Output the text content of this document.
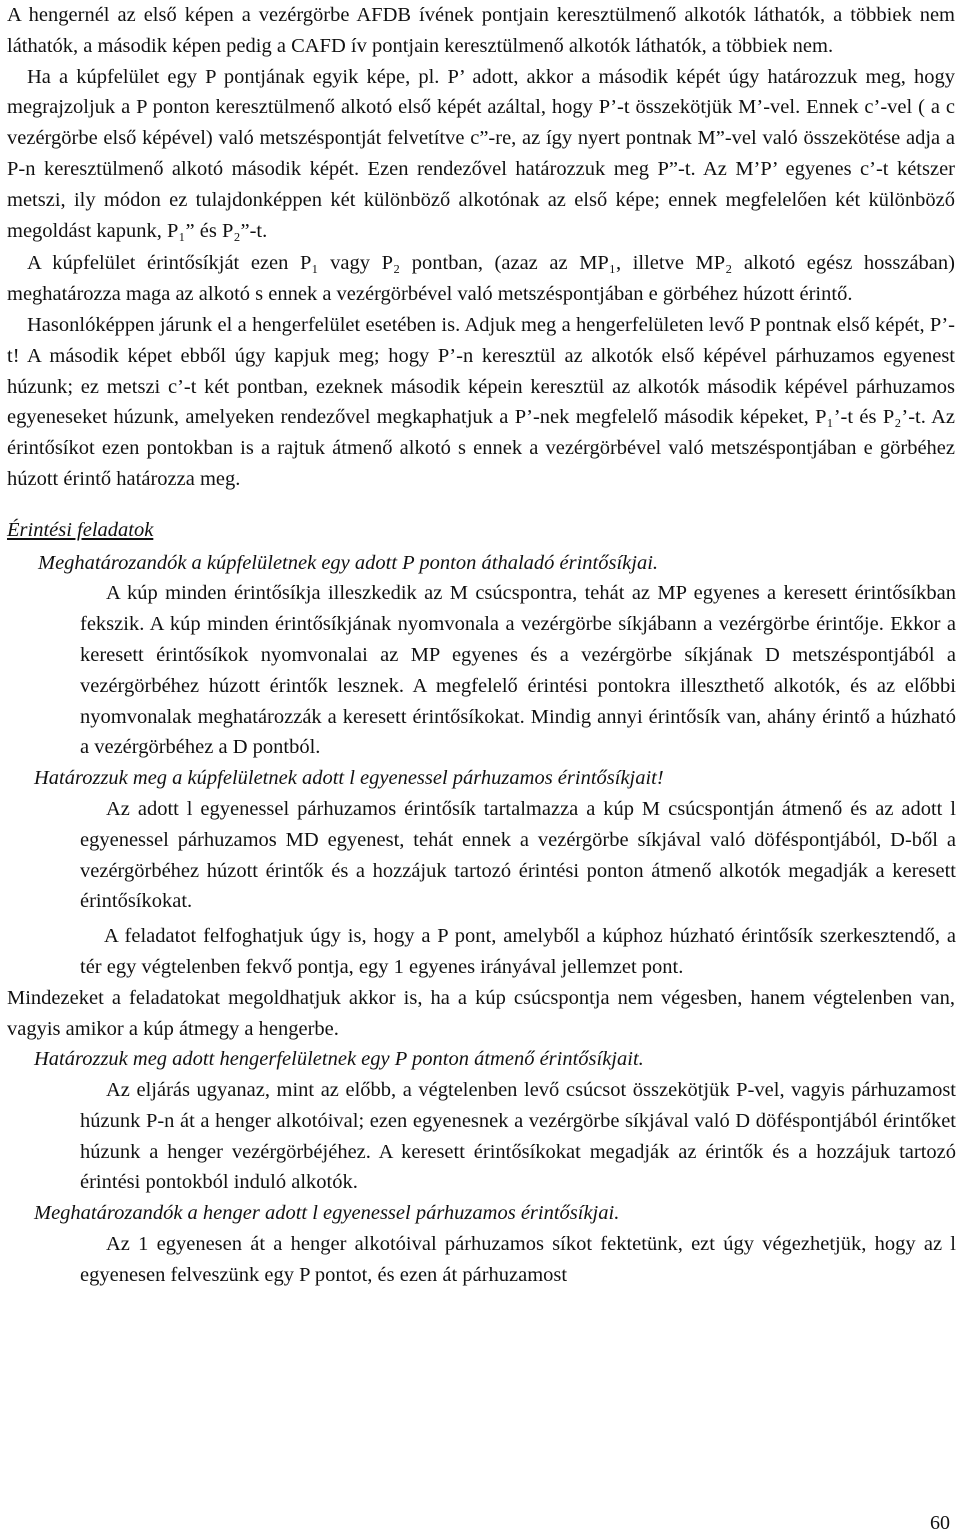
A hengernél az első képen a vezérgörbe AFDB ívének pontjain keresztülmenő alkotók láthatók, a többiek nem láthatók, a második képen pedig a CAFD ív pontjain keresztülmenő alkotók láthatók, a többiek nem.

Ha a kúpfelület egy P pontjának egyik képe, pl. P’ adott, akkor a második képét úgy határozzuk meg, hogy megrajzoljuk a P ponton keresztülmenő alkotó első képét azáltal, hogy P’-t összekötjük M’-vel. Ennek c’-vel ( a c vezérgörbe első képével) való metszéspontját felvetítve c”-re, az így nyert pontnak M”-vel való összekötése adja a P-n keresztülmenő alkotó második képét. Ezen rendezővel határozzuk meg P”-t. Az M’P’ egyenes c’-t kétszer metszi, ily módon ez tulajdonképpen két különböző alkotónak az első képe; ennek megfelelően két különböző megoldást kapunk, P₁” és P₂”-t.

A kúpfelület érintősíkját ezen P₁ vagy P₂ pontban, (azaz az MP₁, illetve MP₂ alkotó egész hosszában) meghatározza maga az alkotó s ennek a vezérgörbével való metszéspontjában e görbéhez húzott érintő.

Hasonlóképpen járunk el a hengerfelület esetében is. Adjuk meg a hengerfelületen levő P pontnak első képét, P’-t! A második képet ebből úgy kapjuk meg; hogy P’-n keresztül az alkotók első képével párhuzamos egyenest húzunk; ez metszi c’-t két pontban, ezeknek második képein keresztül az alkotók második képével párhuzamos egyeneseket húzunk, amelyeken rendezővel megkaphatjuk a P’-nek megfelelő második képeket, P₁’-t és P₂’-t. Az érintősíkot ezen pontokban is a rajtuk átmenő alkotó s ennek a vezérgörbével való metszéspontjában e görbéhez húzott érintő határozza meg.

Érintési feladatok
Meghatározandók a kúpfelületnek egy adott P ponton áthaladó érintősíkjai.

A kúp minden érintősíkja illeszkedik az M csúcspontra, tehát az MP egyenes a keresett érintősíkban fekszik. A kúp minden érintősíkjának nyomvonala a vezérgörbe síkjábann a vezérgörbe érintője. Ekkor a keresett érintősíkok nyomvonalai az MP egyenes és a vezérgörbe síkjának D metszéspontjából a vezérgörbéhez húzott érintők lesznek. A megfelelő érintési pontokra illeszthető alkotók, és az előbbi nyomvonalak meghatározzák a keresett érintősíkokat. Mindig annyi érintősík van, ahány érintő a húzható a vezérgörbéhez a D pontból.

Határozzuk meg a kúpfelületnek adott l egyenessel párhuzamos érintősíkjait!

Az adott l egyenessel párhuzamos érintősík tartalmazza a kúp M csúcspontján átmenő és az adott l egyenessel párhuzamos MD egyenest, tehát ennek a vezérgörbe síkjával való döféspontjából, D-ből a vezérgörbéhez húzott érintők és a hozzájuk tartozó érintési ponton átmenő alkotók megadják a keresett érintősíkokat.

A feladatot felfoghatjuk úgy is, hogy a P pont, amelyből a kúphoz húzható érintősík szerkesztendő, a tér egy végtelenben fekvő pontja, egy 1 egyenes irányával jellemzet pont.

Mindezeket a feladatokat megoldhatjuk akkor is, ha a kúp csúcspontja nem végesben, hanem végtelenben van, vagyis amikor a kúp átmegy a hengerbe.

Határozzuk meg adott hengerfelületnek egy P ponton átmenő érintősíkjait.

Az eljárás ugyanaz, mint az előbb, a végtelenben levő csúcsot összekötjük P-vel, vagyis párhuzamost húzunk P-n át a henger alkotóival; ezen egyenesnek a vezérgörbe síkjával való D döféspontjából érintőket húzunk a henger vezérgörbéjéhez. A keresett érintősíkokat megadják az érintők és a hozzájuk tartozó érintési pontokból induló alkotók.

Meghatározandók a henger adott l egyenessel párhuzamos érintősíkjai.

Az 1 egyenesen át a henger alkotóival párhuzamos síkot fektetünk, ezt úgy végezhetjük, hogy az l egyenesen felveszünk egy P pontot, és ezen át párhuzamost

60
